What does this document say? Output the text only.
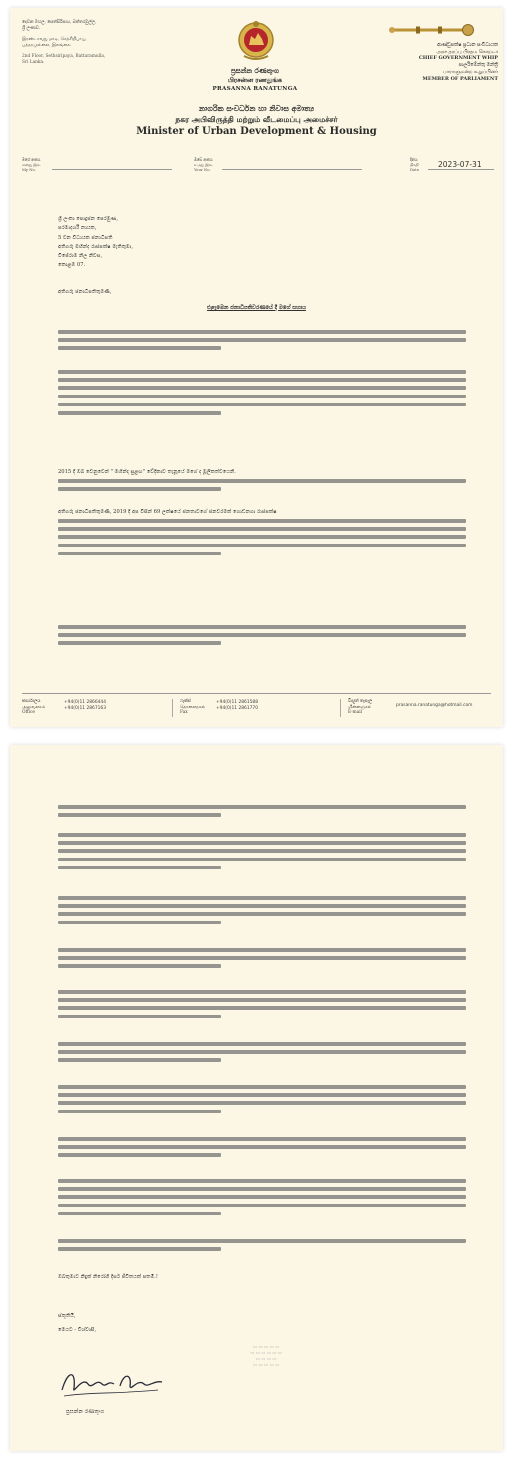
දෙවන මහල, සෙත්සිරිපාය, බත්තරමුල්ල,
ශ්‍රී ලංකාව.
இரண்டாவது மாடி, செத்சிறிபாய,
பத்தரமுல்லை, இலங்கை.
2nd Floor, Sethsiripaya, Battaramulla,
Sri Lanka.
ප්‍රසන්න රණතුංග
பிரசன்ன ரணதுங்க
PRASANNA RANATUNGA
ආණ්ඩුපක්ෂ ප්‍රධාන සංවිධායක
அரச தரப்பு பிரதம கொறடா
CHIEF GOVERNMENT WHIP
පාර්ලිමේන්තු මන්ත්‍රී
பாராளுமன்ற உறுப்பினர்
MEMBER OF PARLIAMENT
නාගරික සංවර්ධන හා නිවාස අමාත්‍ය
நகர அபிவிருத்தி மற்றும் வீடமைப்பு அமைச்சர்
Minister of Urban Development & Housing
මගේ අංකය
எனது இல.
My No.
ඔබේ අංකය
உமது இல.
Your No.
දිනය
திகதி
Date
2023-07-31
ශ්‍රී ලංකා පොදුජන පෙරමුණ,
පරමාදර්ශී නායක,
5 වන විධායක ජනාධිපති
අතිගරු මහින්ද රාජපක්ෂ මැතිතුමා,
විජේරාම නිල නිවස,
කොළඹ 07.
අතිගරු ජනාධිපතිතුමණි,
එළැඹෙන ජනාධිපතිවරණයේ දී මගේ සහාය
2015 දී ඔබ වෙනුවෙන් " මහින්ද සුළඟ" වේදිකාව තැනූයේ මගේ ද මූලිකත්වයෙනි.
අතිගරු ජනාධිපතිතුමණි, 2019 දී අප විසින් 69 ලක්ෂයේ ජනතාවගේ ජනවරමක් ගොඩනගා රාජපක්ෂ
කාර්යාලය
அலுவலகம்
Office
+94(0)11 2866444
+94(0)11 2867163
ෆැක්ස්
தொலைநகல்
Fax
+94(0)11 2861588
+94(0)11 2861770
විද්‍යුත් තැපෑල
மின்னஞ்சல்
E-mail
prasanna.ranatunga@hotmail.com
ඔබතුමාට නිදුක් නිරෝගී දීර්ඝ ජීවිතයක් පතමි.!
ස්තූතියි,
මෙයට - විශ්වාසී,
ප්‍රසන්න රණතුංග
▭ ▭ ▭ ▭ ▭
▭ ▭ ▭ ▭ ▭ ▭
▭ ▭ ▭ ▭
▭ ▭ ▭ ▭ ▭
